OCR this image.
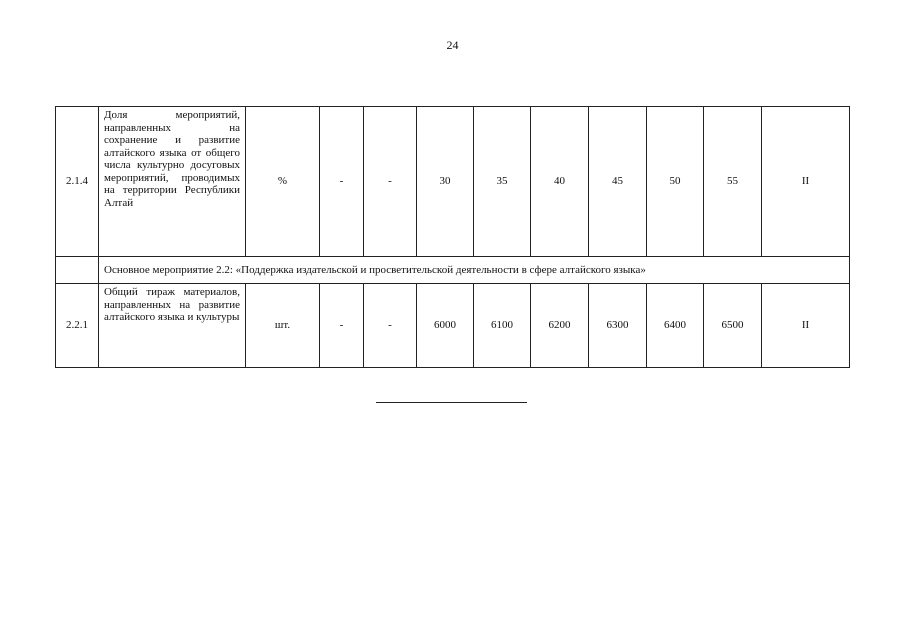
24
2.1.4	Доля мероприятий, направленных на сохранение и развитие алтайского языка от общего числа культурно досуговых мероприятий, проводимых на территории Республики Алтай	%	-	-	30	35	40	45	50	55	II
	Основное мероприятие 2.2: «Поддержка издательской и просветительской деятельности в сфере алтайского языка»										
2.2.1	Общий тираж материалов, направленных на развитие алтайского языка и культуры	шт.	-	-	6000	6100	6200	6300	6400	6500	II
